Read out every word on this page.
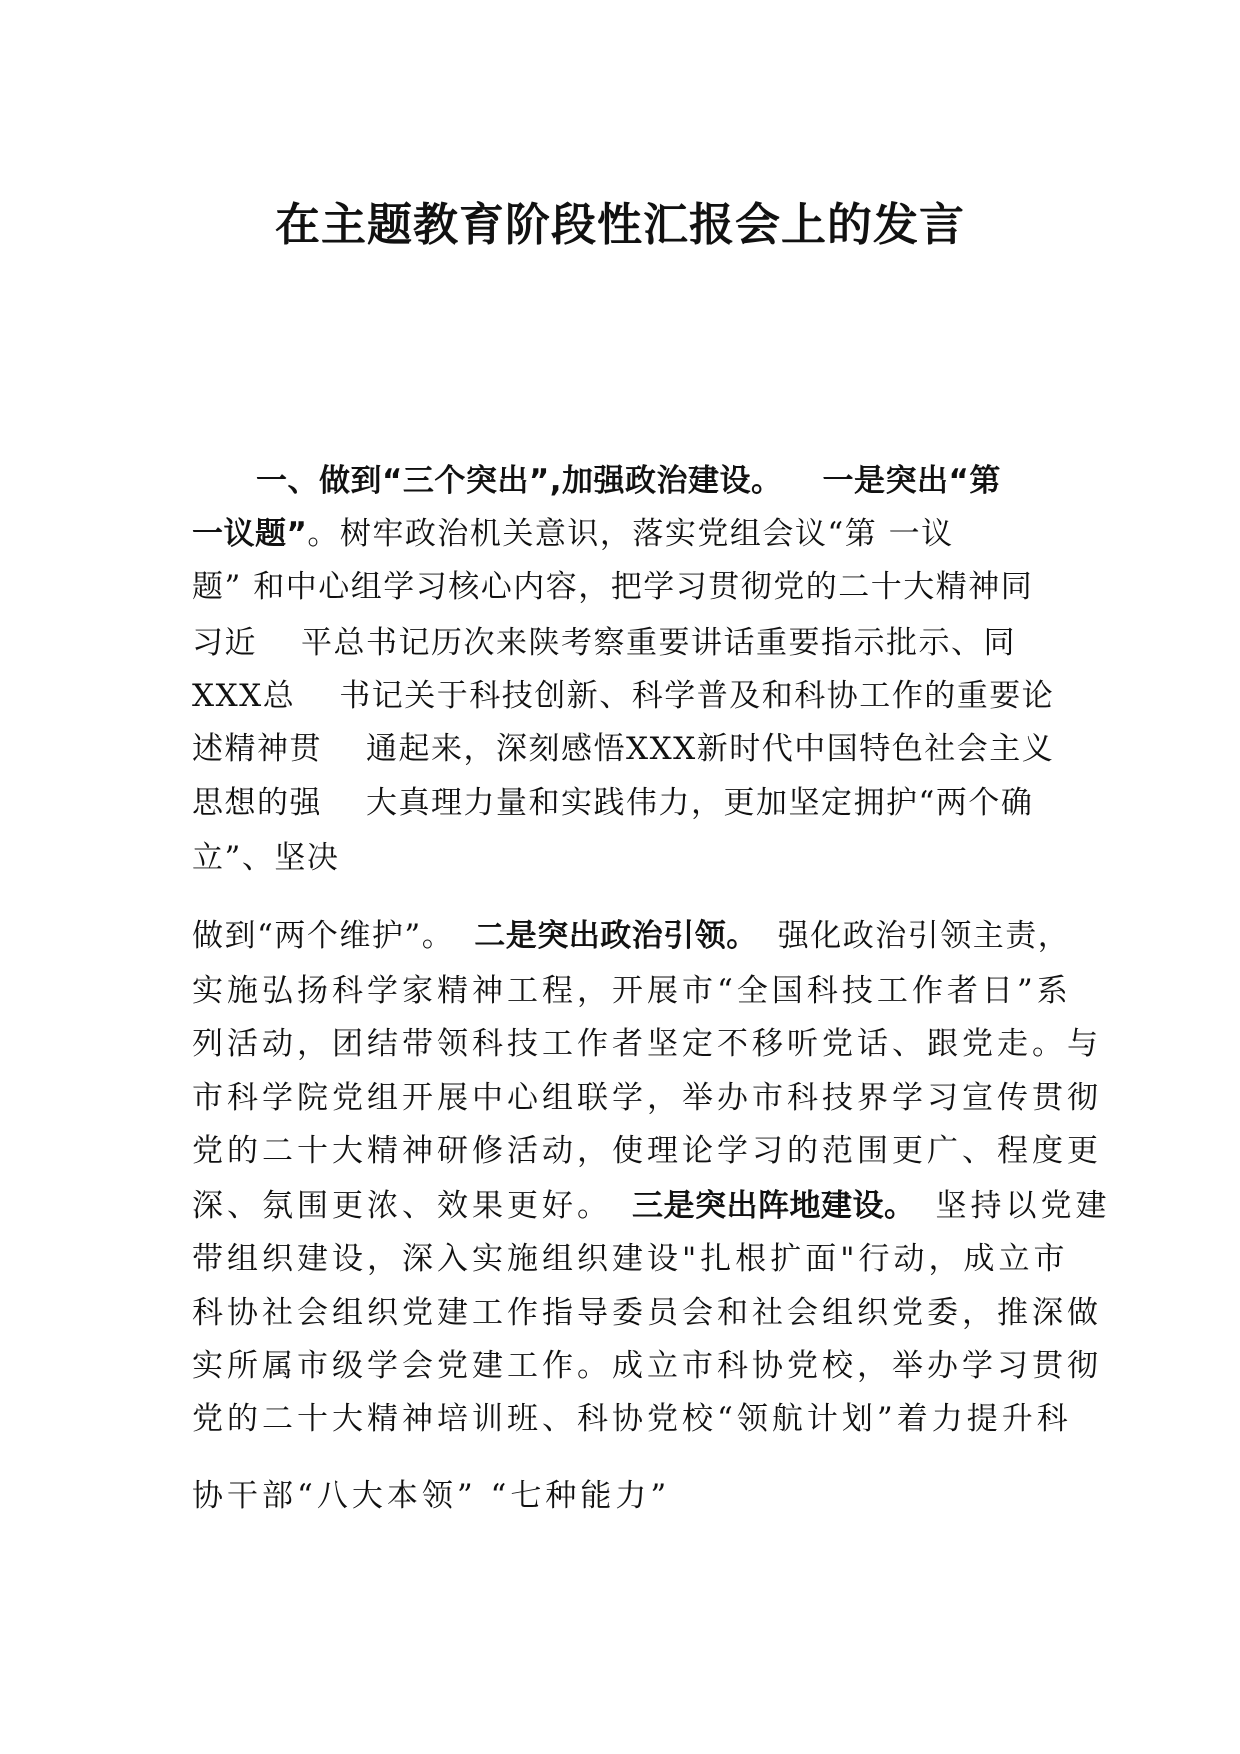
在主题教育阶段性汇报会上的发言
一、做到“三个突出”,加强政治建设。 一是突出“第
一议题”。树牢政治机关意识，落实党组会议“第 一议
题” 和中心组学习核心内容，把学习贯彻党的二十大精神同
习近 平总书记历次来陕考察重要讲话重要指示批示、同
XXX总 书记关于科技创新、科学普及和科协工作的重要论
述精神贯 通起来，深刻感悟XXX新时代中国特色社会主义
思想的强 大真理力量和实践伟力，更加坚定拥护“两个确
立”、坚决
做到“两个维护”。 二是突出政治引领。 强化政治引领主责，
实施弘扬科学家精神工程，开展市“全国科技工作者日”系
列活动，团结带领科技工作者坚定不移听党话、跟党走。与
市科学院党组开展中心组联学，举办市科技界学习宣传贯彻
党的二十大精神研修活动，使理论学习的范围更广、程度更
深、氛围更浓、效果更好。 三是突出阵地建设。 坚持以党建
带组织建设，深入实施组织建设"扎根扩面"行动，成立市
科协社会组织党建工作指导委员会和社会组织党委，推深做
实所属市级学会党建工作。成立市科协党校，举办学习贯彻
党的二十大精神培训班、科协党校“领航计划”着力提升科
协干部“八大本领” “七种能力”
